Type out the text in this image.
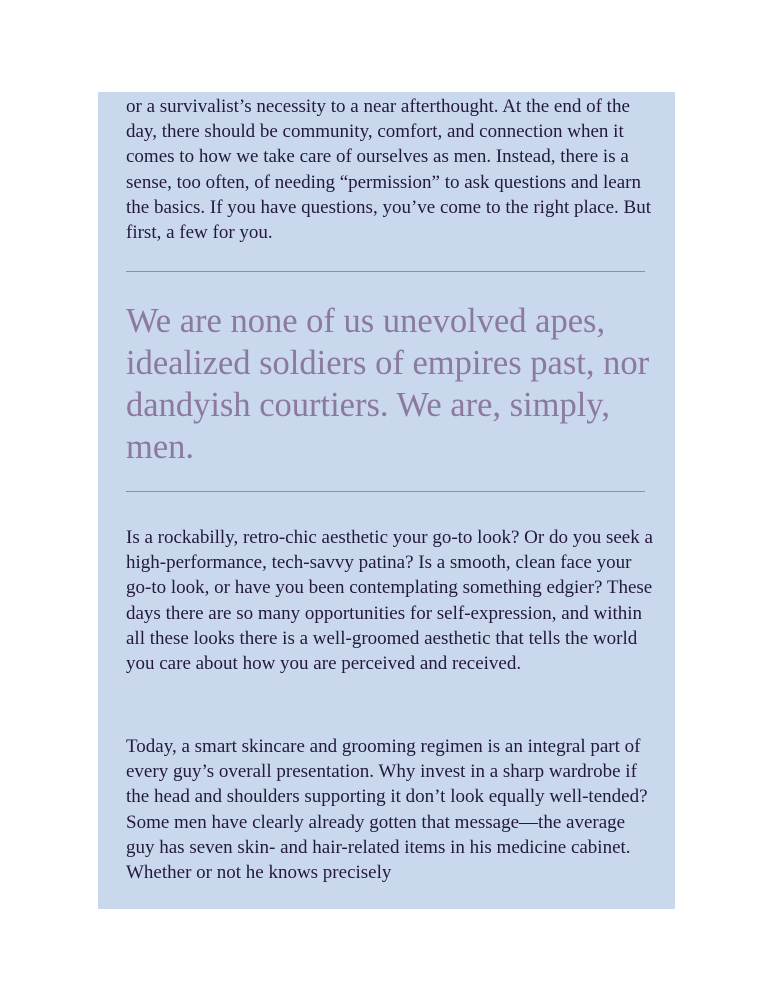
or a survivalist’s necessity to a near afterthought. At the end of the day, there should be community, comfort, and connection when it comes to how we take care of ourselves as men. Instead, there is a sense, too often, of needing “permission” to ask questions and learn the basics. If you have questions, you’ve come to the right place. But first, a few for you.

We are none of us unevolved apes, idealized soldiers of empires past, nor dandyish courtiers. We are, simply, men.

Is a rockabilly, retro-chic aesthetic your go-to look? Or do you seek a high-performance, tech-savvy patina? Is a smooth, clean face your go-to look, or have you been contemplating something edgier? These days there are so many opportunities for self-expression, and within all these looks there is a well-groomed aesthetic that tells the world you care about how you are perceived and received.

Today, a smart skincare and grooming regimen is an integral part of every guy’s overall presentation. Why invest in a sharp wardrobe if the head and shoulders supporting it don’t look equally well-tended? Some men have clearly already gotten that message—the average guy has seven skin- and hair-related items in his medicine cabinet. Whether or not he knows precisely
